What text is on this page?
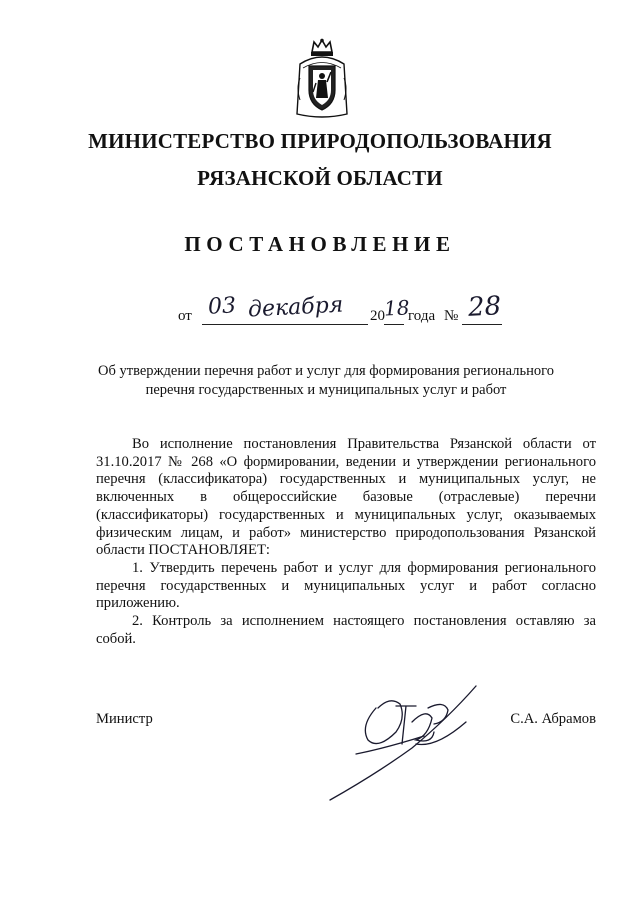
МИНИСТЕРСТВО ПРИРОДОПОЛЬЗОВАНИЯ
РЯЗАНСКОЙ ОБЛАСТИ
ПОСТАНОВЛЕНИЕ
от 03 декабря 20
18
года № 28
Об утверждении перечня работ и услуг для формирования регионального перечня государственных и муниципальных услуг и работ

Во исполнение постановления Правительства Рязанской области от 31.10.2017 № 268 «О формировании, ведении и утверждении регионального перечня (классификатора) государственных и муниципальных услуг, не включенных в общероссийские базовые (отраслевые) перечни (классификаторы) государственных и муниципальных услуг, оказываемых физическим лицам, и работ» министерство природопользования Рязанской области ПОСТАНОВЛЯЕТ:

1. Утвердить перечень работ и услуг для формирования регионального перечня государственных и муниципальных услуг и работ согласно приложению.

2. Контроль за исполнением настоящего постановления оставляю за собой.

Министр	С.А. Абрамов
